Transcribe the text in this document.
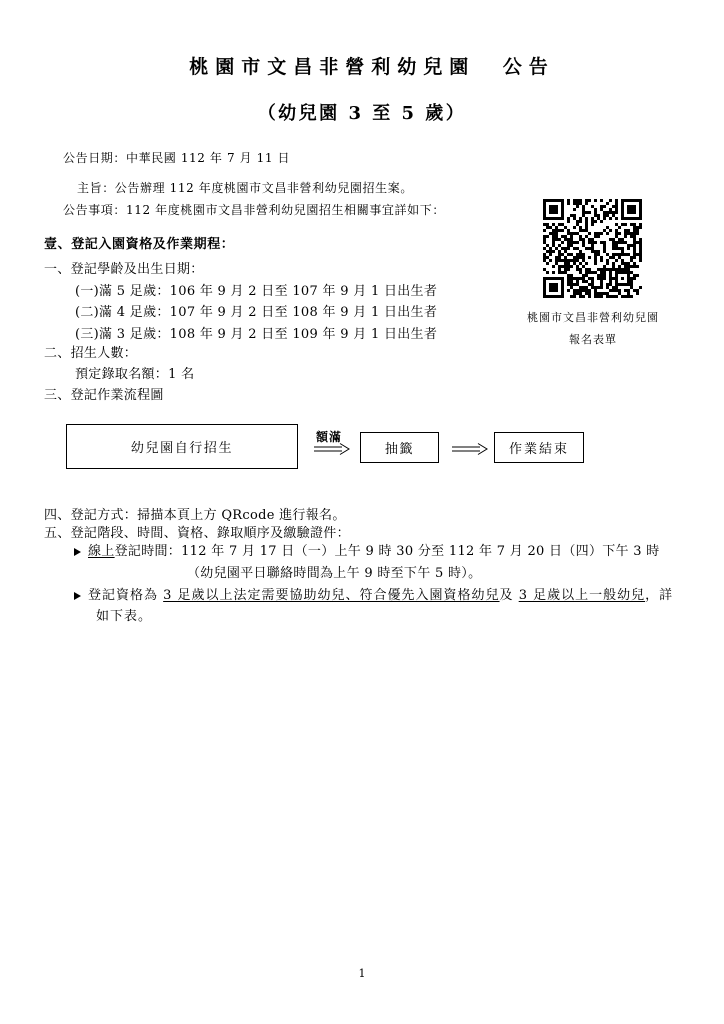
桃園市文昌非營利幼兒園 公告
（幼兒園 3 至 5 歲）
公告日期：中華民國 112 年 7 月 11 日
主旨：公告辦理 112 年度桃園市文昌非營利幼兒園招生案。
公告事項：112 年度桃園市文昌非營利幼兒園招生相關事宜詳如下：
桃園市文昌非營利幼兒園
報名表單
壹、登記入園資格及作業期程：
一、登記學齡及出生日期：
(一)滿 5 足歲：106 年 9 月 2 日至 107 年 9 月 1 日出生者
(二)滿 4 足歲：107 年 9 月 2 日至 108 年 9 月 1 日出生者
(三)滿 3 足歲：108 年 9 月 2 日至 109 年 9 月 1 日出生者
二、招生人數：
預定錄取名額：1 名
三、登記作業流程圖
幼兒園自行招生
額滿
抽籤	作業結束
四、登記方式：掃描本頁上方 QRcode 進行報名。
五、登記階段、時間、資格、錄取順序及繳驗證件：
線上登記時間：112 年 7 月 17 日（一）上午 9 時 30 分至 112 年 7 月 20 日（四）下午 3 時
（幼兒園平日聯絡時間為上午 9 時至下午 5 時）。
登記資格為 3 足歲以上法定需要協助幼兒、符合優先入園資格幼兒及 3 足歲以上一般幼兒，詳
如下表。
1
